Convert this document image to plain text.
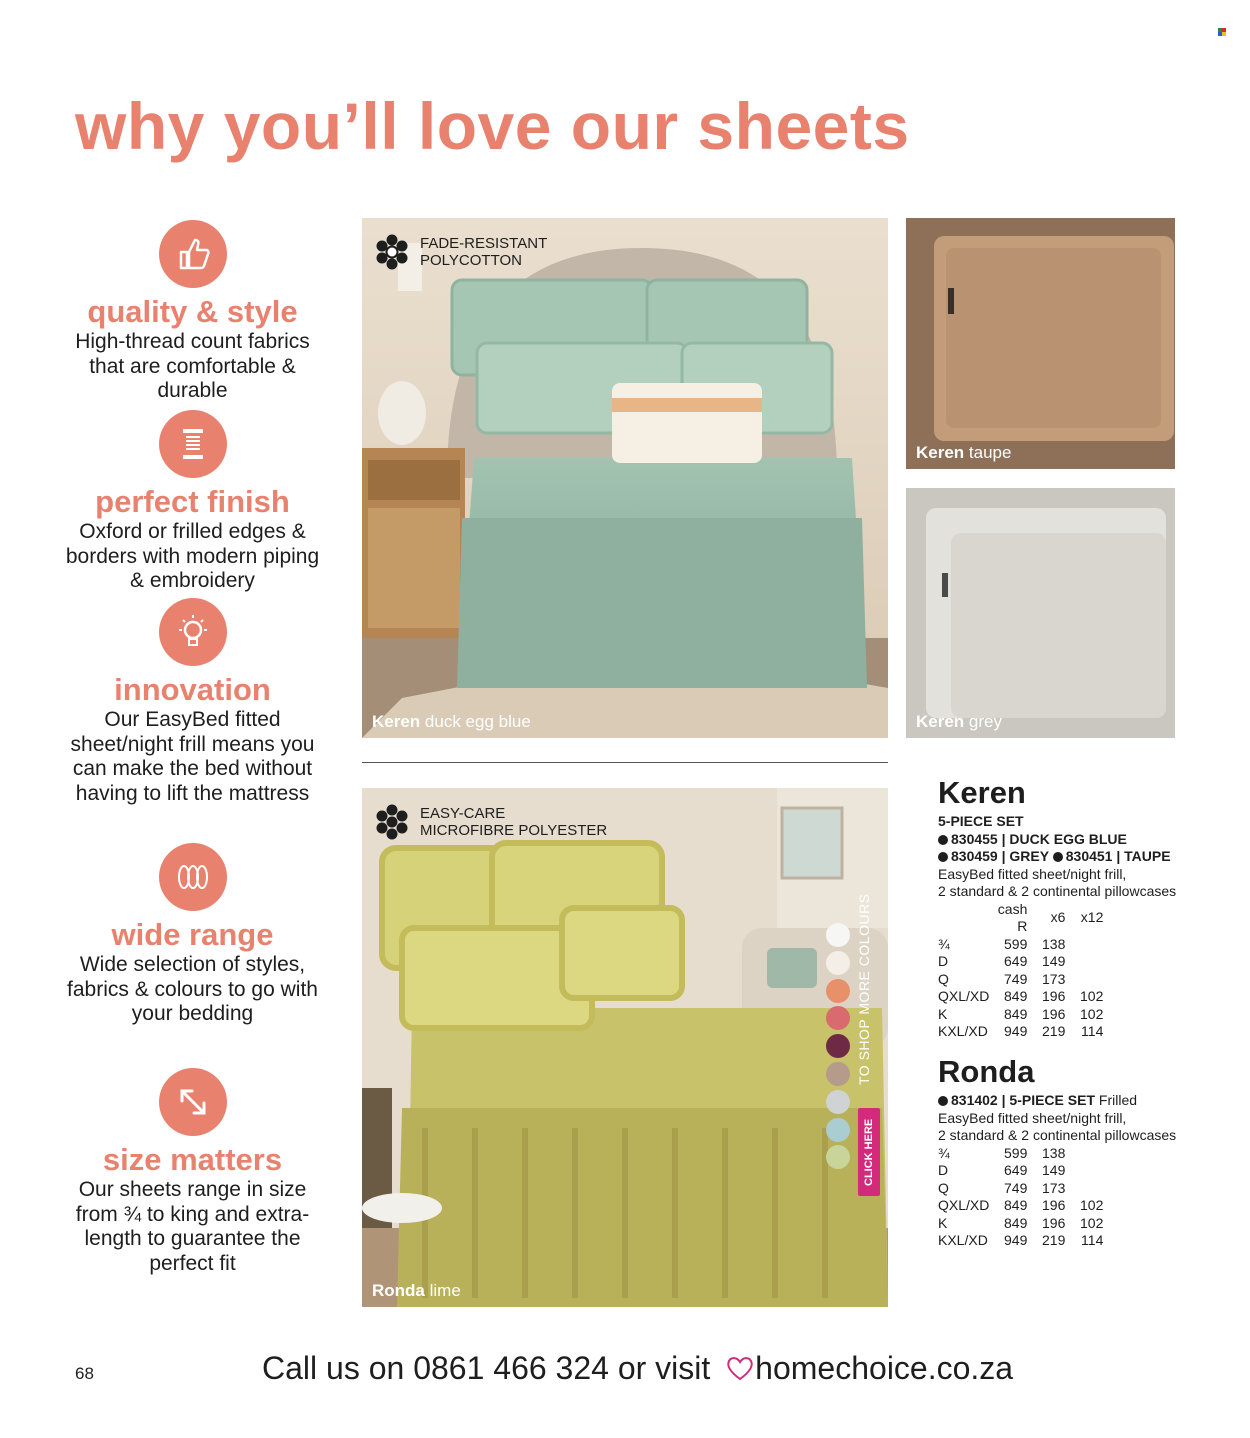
why you’ll love our sheets
quality & style
High-thread count fabrics that are comfortable & durable
perfect finish
Oxford or frilled edges & borders with modern piping & embroidery
innovation
Our EasyBed fitted sheet/night frill means you can make the bed without having to lift the mattress
wide range
Wide selection of styles, fabrics & colours to go with your bedding
size matters
Our sheets range in size from ¾ to king and extra-length to guarantee the perfect fit
FADE-RESISTANT
POLYCOTTON
Keren duck egg blue
Keren taupe
Keren grey
EASY-CARE
MICROFIBRE POLYESTER
Ronda lime
TO SHOP MORE COLOURS
CLICK HERE
Keren
5-PIECE SET
830455 | DUCK EGG BLUE
830459 | GREY 830451 | TAUPE
EasyBed fitted sheet/night frill,
2 standard & 2 continental pillowcases
	cash R	x6	x12
¾	599	138	
D	649	149	
Q	749	173	
QXL/XD	849	196	102
K	849	196	102
KXL/XD	949	219	114
Ronda
831402 | 5-PIECE SET Frilled
EasyBed fitted sheet/night frill,
2 standard & 2 continental pillowcases
¾	599	138	
D	649	149	
Q	749	173	
QXL/XD	849	196	102
K	849	196	102
KXL/XD	949	219	114
68	Call us on 0861 466 324 or visit homechoice.co.za
